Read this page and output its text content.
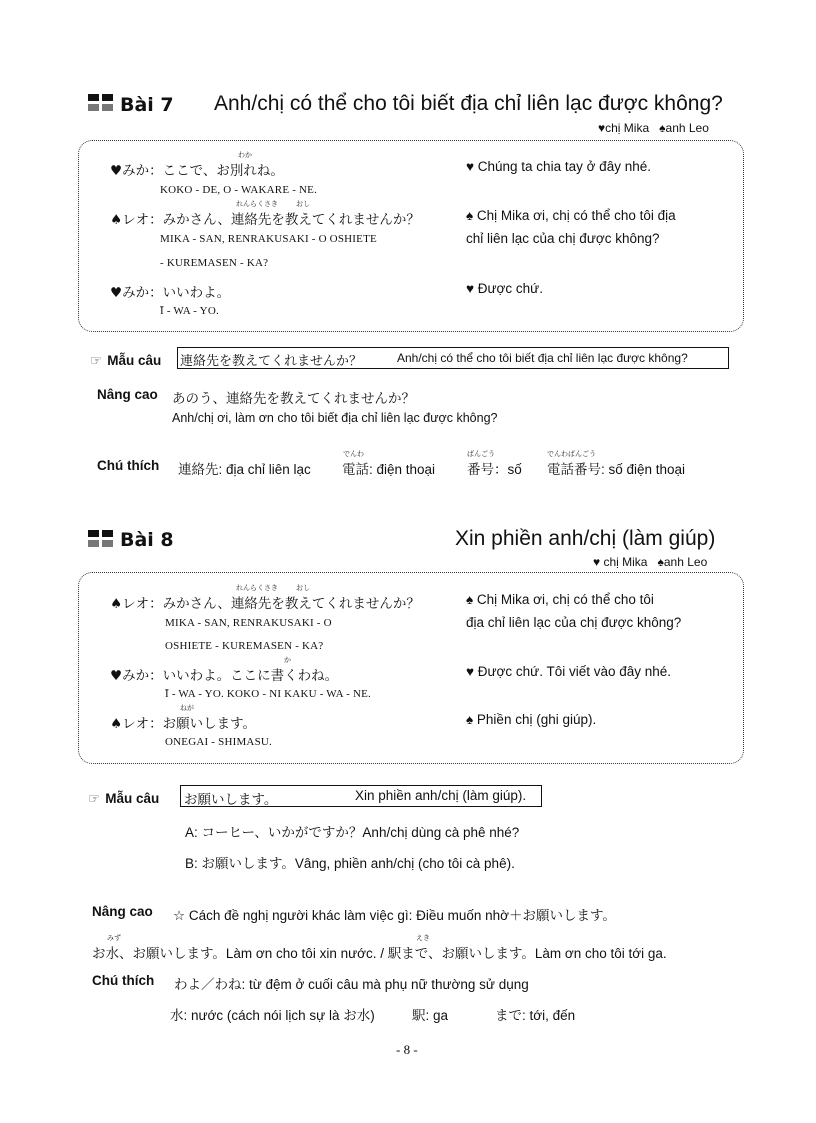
Bài 7 Anh/chị có thể cho tôi biết địa chỉ liên lạc được không?
♥chị Mika ♠anh Leo
♥みか：ここで、お別れね。
わか
KOKO - DE, O - WAKARE - NE.
♥ Chúng ta chia tay ở đây nhé.
♠レオ：みかさん、連絡先を教えてくれませんか？
れんらくさき	おし
MIKA - SAN, RENRAKUSAKI - O OSHIETE
- KUREMASEN - KA?
♠ Chị Mika ơi, chị có thể cho tôi địa
chỉ liên lạc của chị được không?
♥みか：いいわよ。
Ī - WA - YO.
♥ Được chứ.
☞ Mẫu câu 連絡先を教えてくれませんか？	Anh/chị có thể cho tôi biết địa chỉ liên lạc được không?
Nâng cao あのう、連絡先を教えてくれませんか？
Anh/chị ơi, làm ơn cho tôi biết địa chỉ liên lạc được không?
Chú thích 連絡先: địa chỉ liên lạc 電話: điện thoại 番号：số 電話番号: số điện thoại
でんわ	ばんごう	でんわばんごう
Bài 8	Xin phiền anh/chị (làm giúp)
♥ chị Mika ♠anh Leo
♠レオ：みかさん、連絡先を教えてくれませんか？
れんらくさき	おし
MIKA - SAN, RENRAKUSAKI - O
OSHIETE - KUREMASEN - KA?
♠ Chị Mika ơi, chị có thể cho tôi
địa chỉ liên lạc của chị được không?
♥みか：いいわよ。ここに書くわね。
か
Ī - WA - YO. KOKO - NI KAKU - WA - NE.
♥ Được chứ. Tôi viết vào đây nhé.
♠レオ：お願いします。
ねが
ONEGAI - SHIMASU.
♠ Phiền chị (ghi giúp).
☞ Mẫu câu お願いします。	Xin phiền anh/chị (làm giúp).
A: コーヒー、いかがですか？Anh/chị dùng cà phê nhé?
B: お願いします。Vâng, phiền anh/chị (cho tôi cà phê).
Nâng cao ☆ Cách đề nghị người khác làm việc gì: Điều muốn nhờ＋お願いします。
みず	えき
お水、お願いします。Làm ơn cho tôi xin nước. / 駅まで、お願いします。Làm ơn cho tôi tới ga.
Chú thích わよ／わね: từ đệm ở cuối câu mà phụ nữ thường sử dụng
水: nước (cách nói lịch sự là お水)	駅: ga	まで: tới, đến
- 8 -
